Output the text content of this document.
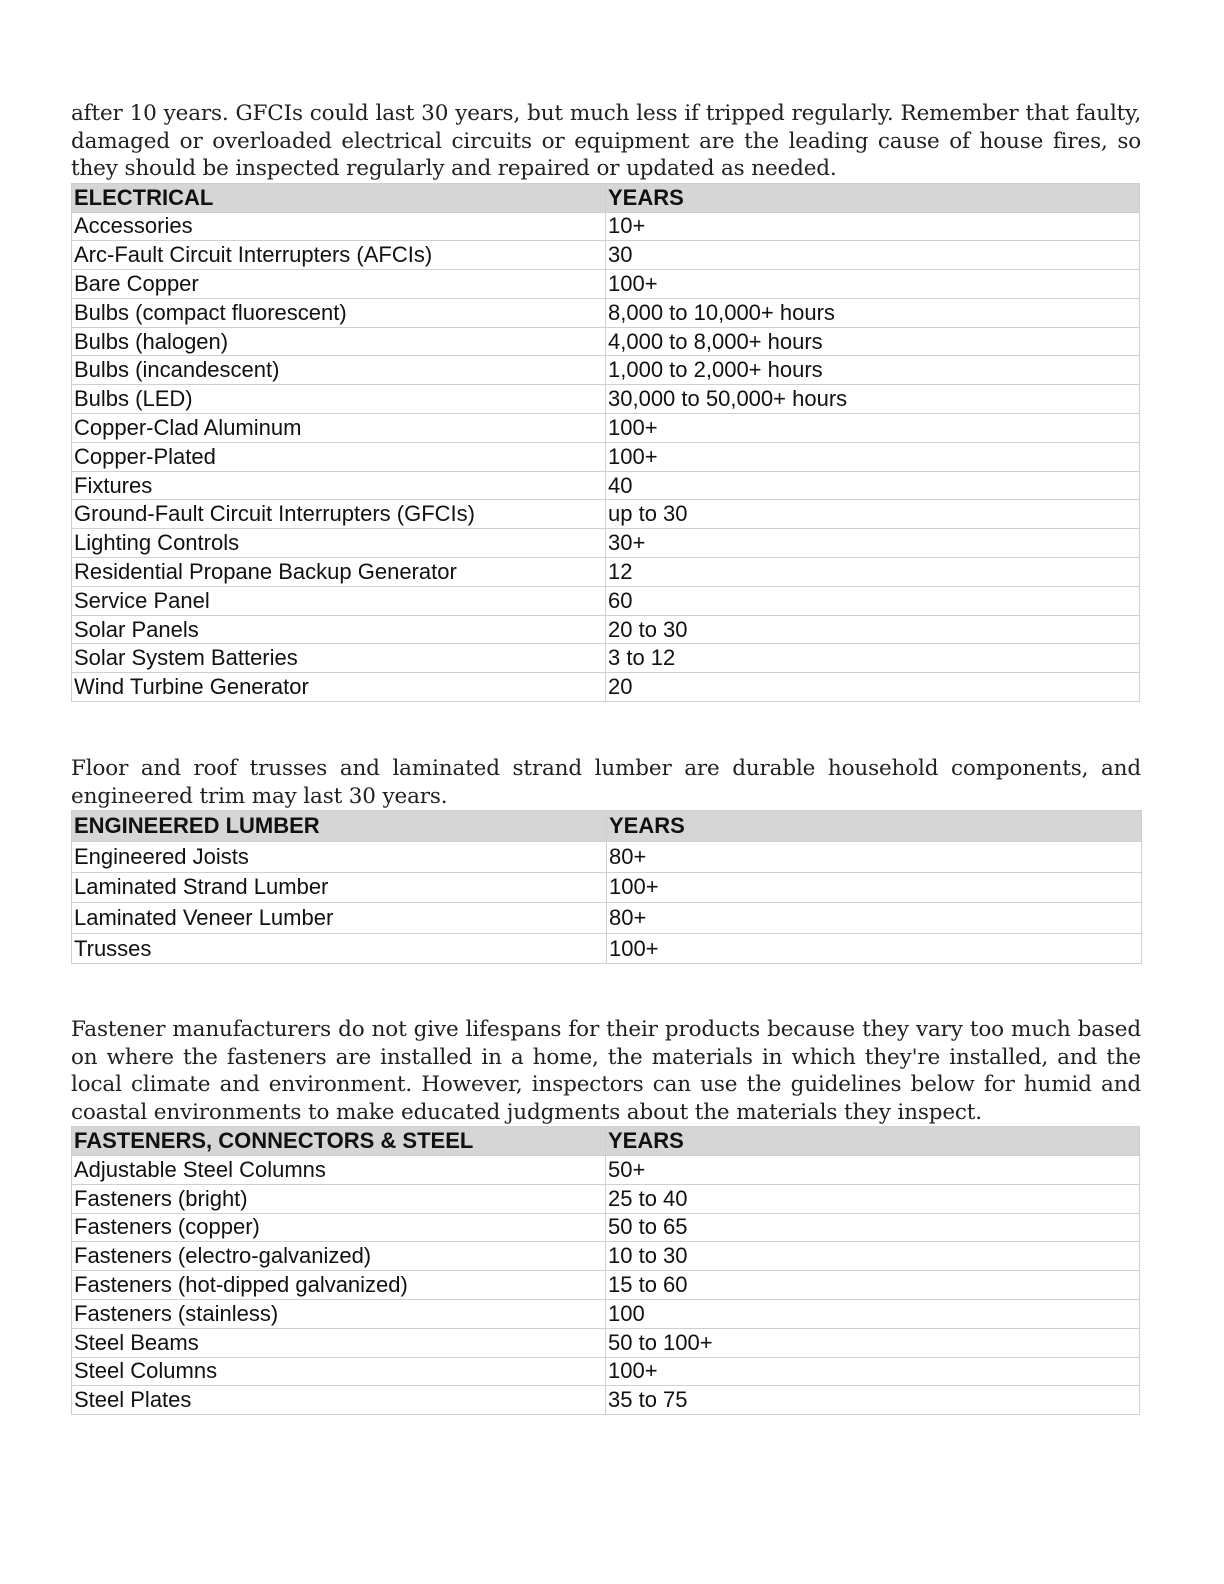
after 10 years. GFCIs could last 30 years, but much less if tripped regularly. Remember that faulty, damaged or overloaded electrical circuits or equipment are the leading cause of house fires, so they should be inspected regularly and repaired or updated as needed.

ELECTRICAL	YEARS
Accessories	10+
Arc-Fault Circuit Interrupters (AFCIs)	30
Bare Copper	100+
Bulbs (compact fluorescent)	8,000 to 10,000+ hours
Bulbs (halogen)	4,000 to 8,000+ hours
Bulbs (incandescent)	1,000 to 2,000+ hours
Bulbs (LED)	30,000 to 50,000+ hours
Copper-Clad Aluminum	100+
Copper-Plated	100+
Fixtures	40
Ground-Fault Circuit Interrupters (GFCIs)	up to 30
Lighting Controls	30+
Residential Propane Backup Generator	12
Service Panel	60
Solar Panels	20 to 30
Solar System Batteries	3 to 12
Wind Turbine Generator	20

Floor and roof trusses and laminated strand lumber are durable household components, and engineered trim may last 30 years.

ENGINEERED LUMBER	YEARS
Engineered Joists	80+
Laminated Strand Lumber	100+
Laminated Veneer Lumber	80+
Trusses	100+

Fastener manufacturers do not give lifespans for their products because they vary too much based on where the fasteners are installed in a home, the materials in which they're installed, and the local climate and environment. However, inspectors can use the guidelines below for humid and coastal environments to make educated judgments about the materials they inspect.

FASTENERS, CONNECTORS & STEEL	YEARS
Adjustable Steel Columns	50+
Fasteners (bright)	25 to 40
Fasteners (copper)	50 to 65
Fasteners (electro-galvanized)	10 to 30
Fasteners (hot-dipped galvanized)	15 to 60
Fasteners (stainless)	100
Steel Beams	50 to 100+
Steel Columns	100+
Steel Plates	35 to 75
